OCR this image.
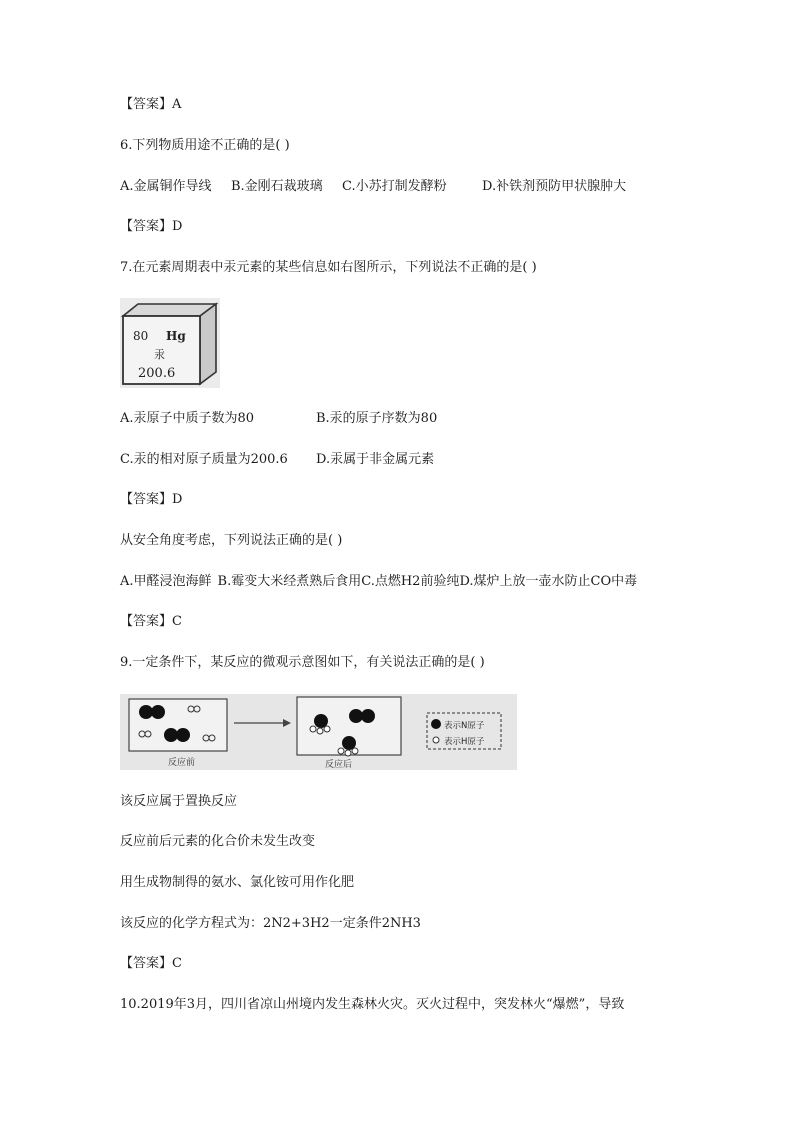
【答案】A
6.下列物质用途不正确的是( )
A.金属铜作导线 B.金刚石裁玻璃 C.小苏打制发酵粉	D.补铁剂预防甲状腺肿大
【答案】D
7.在元素周期表中汞元素的某些信息如右图所示，下列说法不正确的是( )
80 Hg
汞
200.6
A.汞原子中质子数为80	B.汞的原子序数为80
C.汞的相对原子质量为200.6 D.汞属于非金属元素
【答案】D
从安全角度考虑，下列说法正确的是( )
A.甲醛浸泡海鲜 B.霉变大米经煮熟后食用C.点燃H2前验纯D.煤炉上放一壶水防止CO中毒
【答案】C
9.一定条件下，某反应的微观示意图如下，有关说法正确的是( )
反应前	反应后
表示N原子
表示H原子
该反应属于置换反应
反应前后元素的化合价未发生改变
用生成物制得的氨水、氯化铵可用作化肥
该反应的化学方程式为：2N2+3H2一定条件2NH3
【答案】C
10.2019年3月，四川省凉山州境内发生森林火灾。灭火过程中，突发林火“爆燃”，导致
